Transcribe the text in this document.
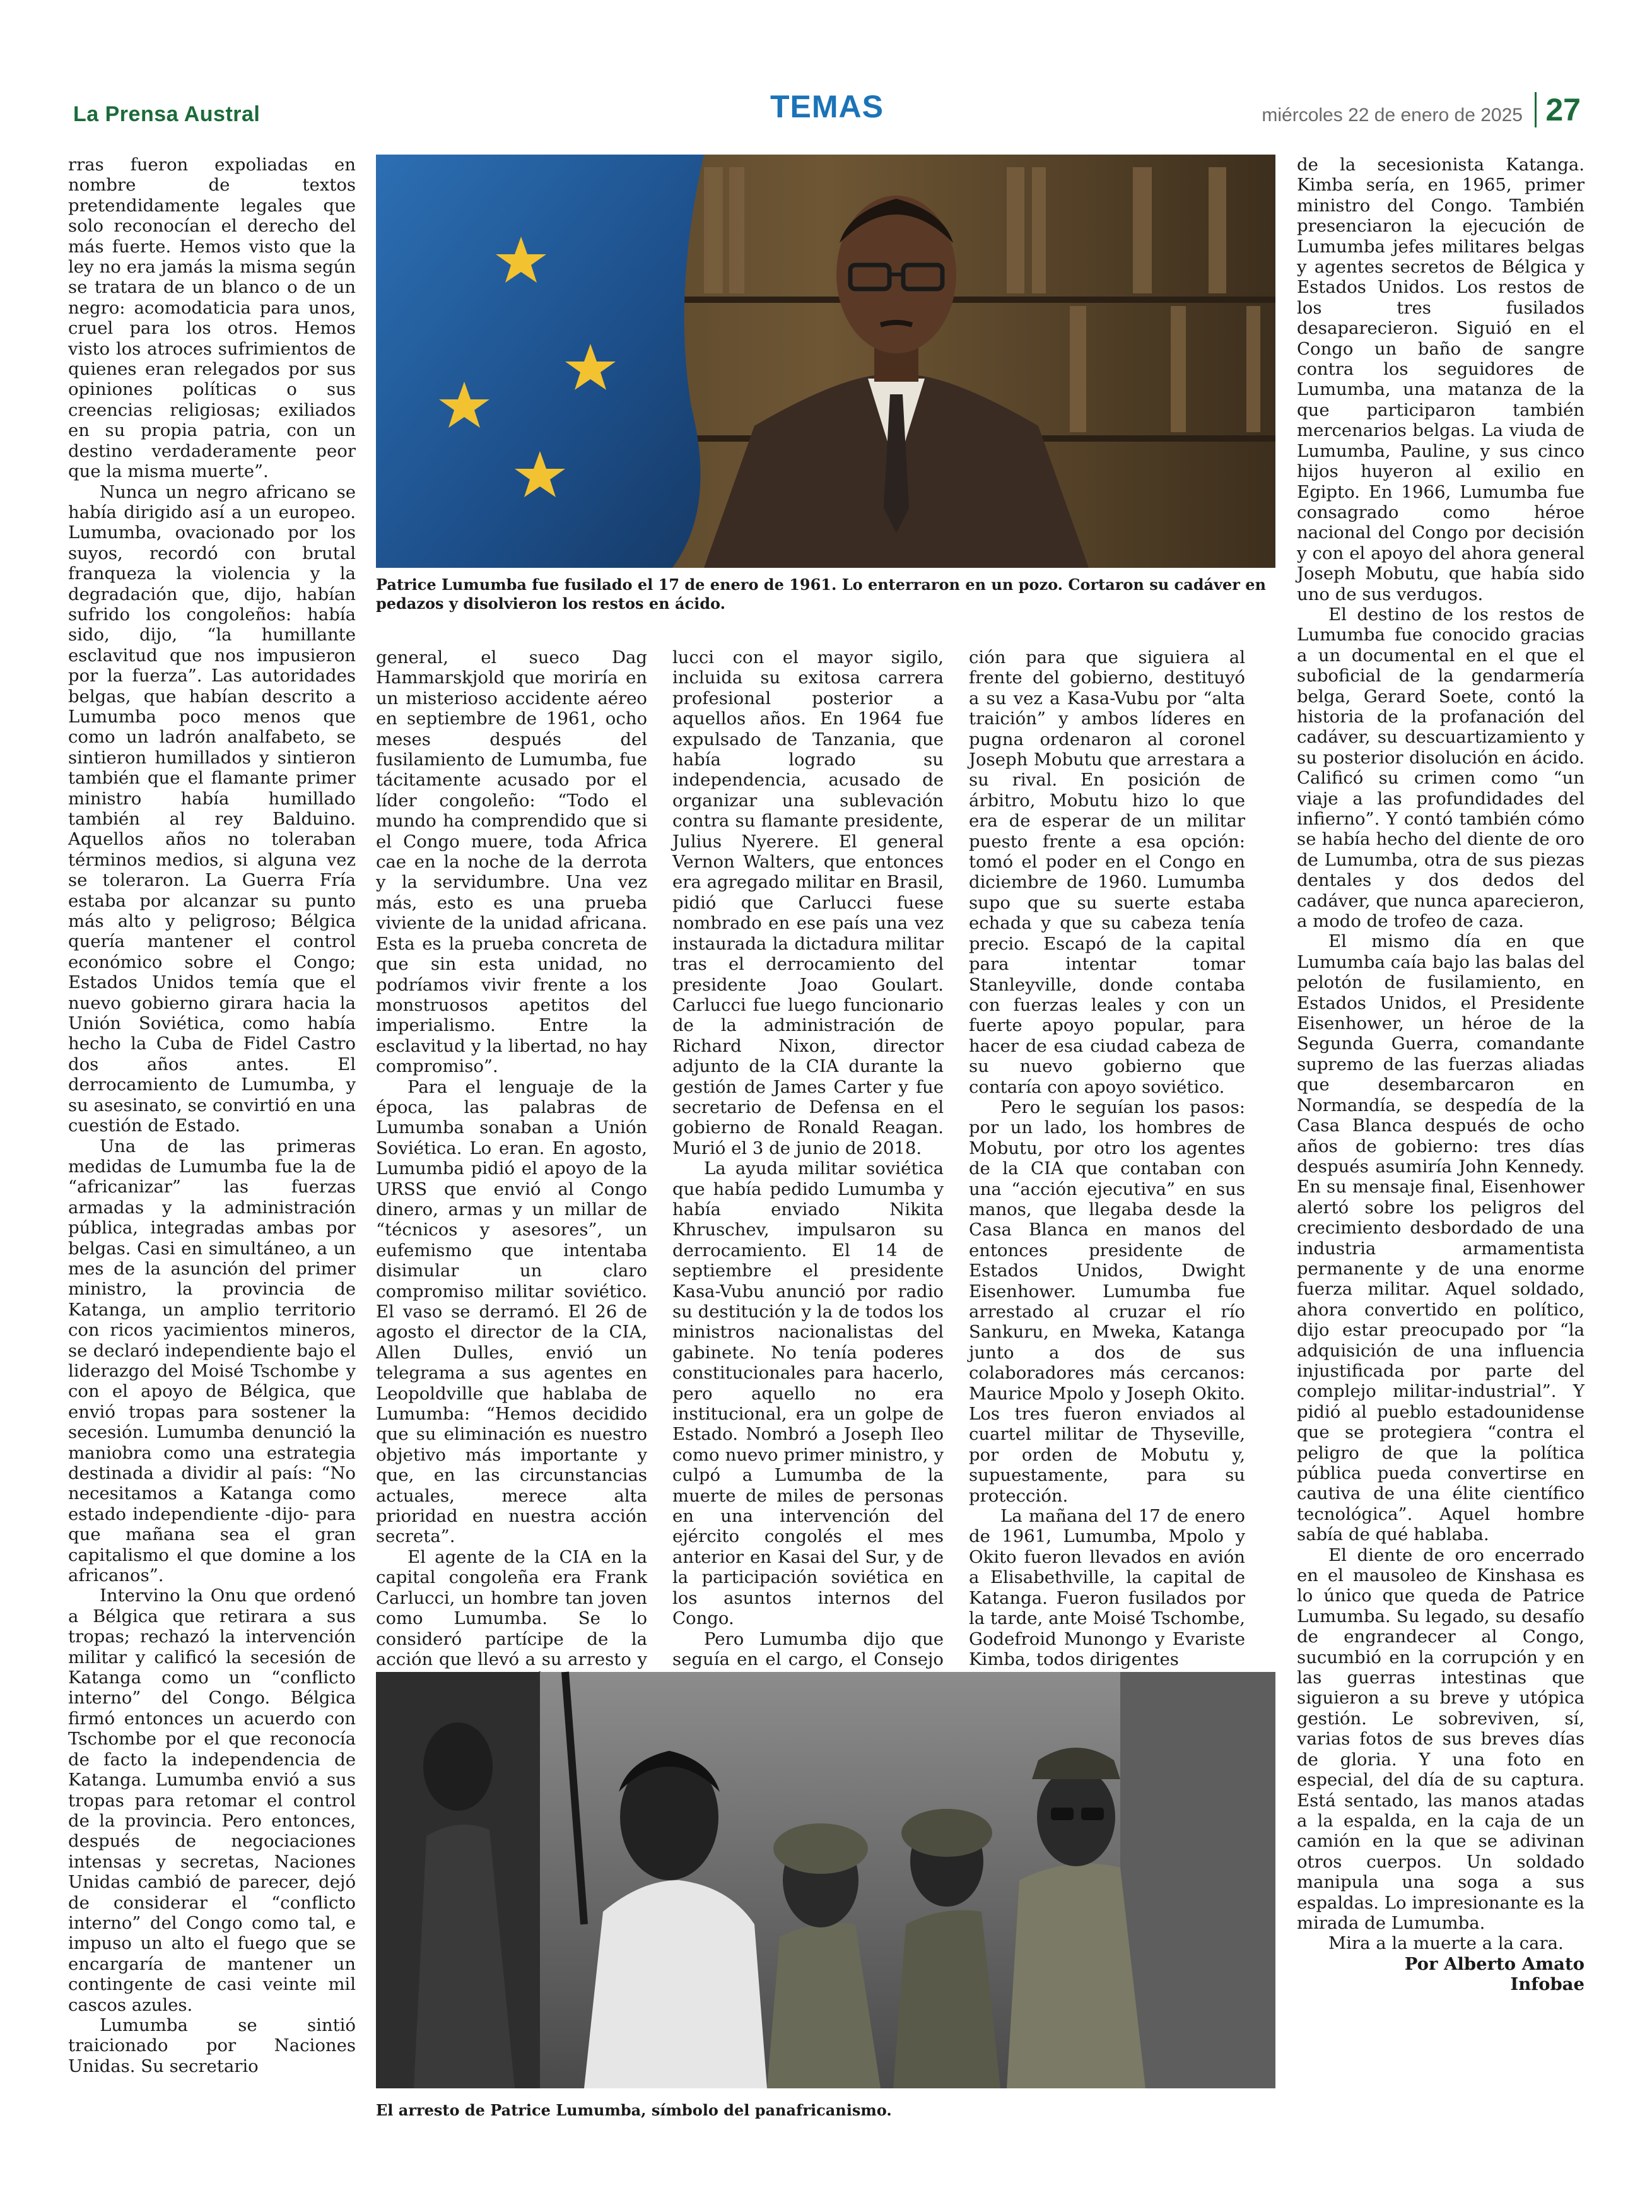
La Prensa Austral	TEMAS	miércoles 22 de enero de 2025 27

rras fueron expoliadas en nombre de textos pretendidamente legales que solo reconocían el derecho del más fuerte. Hemos visto que la ley no era jamás la misma según se tratara de un blanco o de un negro: acomodaticia para unos, cruel para los otros. Hemos visto los atroces sufrimientos de quienes eran relegados por sus opiniones políticas o sus creencias religiosas; exiliados en su propia patria, con un destino verdaderamente peor que la misma muerte”.

Nunca un negro africano se había dirigido así a un europeo. Lumumba, ovacionado por los suyos, recordó con brutal franqueza la violencia y la degradación que, dijo, habían sufrido los congoleños: había sido, dijo, “la humillante esclavitud que nos impusieron por la fuerza”. Las autoridades belgas, que habían descrito a Lumumba poco menos que como un ladrón analfabeto, se sintieron humillados y sintieron también que el flamante primer ministro había humillado también al rey Balduino. Aquellos años no toleraban términos medios, si alguna vez se toleraron. La Guerra Fría estaba por alcanzar su punto más alto y peligroso; Bélgica quería mantener el control económico sobre el Congo; Estados Unidos temía que el nuevo gobierno girara hacia la Unión Soviética, como había hecho la Cuba de Fidel Castro dos años antes. El derrocamiento de Lumumba, y su asesinato, se convirtió en una cuestión de Estado.

Una de las primeras medidas de Lumumba fue la de “africanizar” las fuerzas armadas y la administración pública, integradas ambas por belgas. Casi en simultáneo, a un mes de la asunción del primer ministro, la provincia de Katanga, un amplio territorio con ricos yacimientos mineros, se declaró independiente bajo el liderazgo del Moisé Tschombe y con el apoyo de Bélgica, que envió tropas para sostener la secesión. Lumumba denunció la maniobra como una estrategia destinada a dividir al país: “No necesitamos a Katanga como estado independiente -dijo- para que mañana sea el gran capitalismo el que domine a los africanos”.

Intervino la Onu que ordenó a Bélgica que retirara a sus tropas; rechazó la intervención militar y calificó la secesión de Katanga como un “conflicto interno” del Congo. Bélgica firmó entonces un acuerdo con Tschombe por el que reconocía de facto la independencia de Katanga. Lumumba envió a sus tropas para retomar el control de la provincia. Pero entonces, después de negociaciones intensas y secretas, Naciones Unidas cambió de parecer, dejó de considerar el “conflicto interno” del Congo como tal, e impuso un alto el fuego que se encargaría de mantener un contingente de casi veinte mil cascos azules.

Lumumba se sintió traicionado por Naciones Unidas. Su secretario

Patrice Lumumba fue fusilado el 17 de enero de 1961. Lo enterraron en un pozo. Cortaron su cadáver en pedazos y disolvieron los restos en ácido.

general, el sueco Dag Hammarskjold que moriría en un misterioso accidente aéreo en septiembre de 1961, ocho meses después del fusilamiento de Lumumba, fue tácitamente acusado por el líder congoleño: “Todo el mundo ha comprendido que si el Congo muere, toda Africa cae en la noche de la derrota y la servidumbre. Una vez más, esto es una prueba viviente de la unidad africana. Esta es la prueba concreta de que sin esta unidad, no podríamos vivir frente a los monstruosos apetitos del imperialismo. Entre la esclavitud y la libertad, no hay compromiso”.

Para el lenguaje de la época, las palabras de Lumumba sonaban a Unión Soviética. Lo eran. En agosto, Lumumba pidió el apoyo de la URSS que envió al Congo dinero, armas y un millar de “técnicos y asesores”, un eufemismo que intentaba disimular un claro compromiso militar soviético. El vaso se derramó. El 26 de agosto el director de la CIA, Allen Dulles, envió un telegrama a sus agentes en Leopoldville que hablaba de Lumumba: “Hemos decidido que su eliminación es nuestro objetivo más importante y que, en las circunstancias actuales, merece alta prioridad en nuestra acción secreta”.

El agente de la CIA en la capital congoleña era Frank Carlucci, un hombre tan joven como Lumumba. Se lo consideró partícipe de la acción que llevó a su arresto y

lucci con el mayor sigilo, incluida su exitosa carrera profesional posterior a aquellos años. En 1964 fue expulsado de Tanzania, que había logrado su independencia, acusado de organizar una sublevación contra su flamante presidente, Julius Nyerere. El general Vernon Walters, que entonces era agregado militar en Brasil, pidió que Carlucci fuese nombrado en ese país una vez instaurada la dictadura militar tras el derrocamiento del presidente Joao Goulart. Carlucci fue luego funcionario de la administración de Richard Nixon, director adjunto de la CIA durante la gestión de James Carter y fue secretario de Defensa en el gobierno de Ronald Reagan. Murió el 3 de junio de 2018.

La ayuda militar soviética que había pedido Lumumba y había enviado Nikita Khruschev, impulsaron su derrocamiento. El 14 de septiembre el presidente Kasa-Vubu anunció por radio su destitución y la de todos los ministros nacionalistas del gabinete. No tenía poderes constitucionales para hacerlo, pero aquello no era institucional, era un golpe de Estado. Nombró a Joseph Ileo como nuevo primer ministro, y culpó a Lumumba de la muerte de miles de personas en una intervención del ejército congolés el mes anterior en Kasai del Sur, y de la participación soviética en los asuntos internos del Congo.

Pero Lumumba dijo que seguía en el cargo, el Consejo

ción para que siguiera al frente del gobierno, destituyó a su vez a Kasa-Vubu por “alta traición” y ambos líderes en pugna ordenaron al coronel Joseph Mobutu que arrestara a su rival. En posición de árbitro, Mobutu hizo lo que era de esperar de un militar puesto frente a esa opción: tomó el poder en el Congo en diciembre de 1960. Lumumba supo que su suerte estaba echada y que su cabeza tenía precio. Escapó de la capital para intentar tomar Stanleyville, donde contaba con fuerzas leales y con un fuerte apoyo popular, para hacer de esa ciudad cabeza de su nuevo gobierno que contaría con apoyo soviético.

Pero le seguían los pasos: por un lado, los hombres de Mobutu, por otro los agentes de la CIA que contaban con una “acción ejecutiva” en sus manos, que llegaba desde la Casa Blanca en manos del entonces presidente de Estados Unidos, Dwight Eisenhower. Lumumba fue arrestado al cruzar el río Sankuru, en Mweka, Katanga junto a dos de sus colaboradores más cercanos: Maurice Mpolo y Joseph Okito. Los tres fueron enviados al cuartel militar de Thyseville, por orden de Mobutu y, supuestamente, para su protección.

La mañana del 17 de enero de 1961, Lumumba, Mpolo y Okito fueron llevados en avión a Elisabethville, la capital de Katanga. Fueron fusilados por la tarde, ante Moisé Tschombe, Godefroid Munongo y Evariste Kimba, todos dirigentes

El arresto de Patrice Lumumba, símbolo del panafricanismo.

de la secesionista Katanga. Kimba sería, en 1965, primer ministro del Congo. También presenciaron la ejecución de Lumumba jefes militares belgas y agentes secretos de Bélgica y Estados Unidos. Los restos de los tres fusilados desaparecieron. Siguió en el Congo un baño de sangre contra los seguidores de Lumumba, una matanza de la que participaron también mercenarios belgas. La viuda de Lumumba, Pauline, y sus cinco hijos huyeron al exilio en Egipto. En 1966, Lumumba fue consagrado como héroe nacional del Congo por decisión y con el apoyo del ahora general Joseph Mobutu, que había sido uno de sus verdugos.

El destino de los restos de Lumumba fue conocido gracias a un documental en el que el suboficial de la gendarmería belga, Gerard Soete, contó la historia de la profanación del cadáver, su descuartizamiento y su posterior disolución en ácido. Calificó su crimen como “un viaje a las profundidades del infierno”. Y contó también cómo se había hecho del diente de oro de Lumumba, otra de sus piezas dentales y dos dedos del cadáver, que nunca aparecieron, a modo de trofeo de caza.

El mismo día en que Lumumba caía bajo las balas del pelotón de fusilamiento, en Estados Unidos, el Presidente Eisenhower, un héroe de la Segunda Guerra, comandante supremo de las fuerzas aliadas que desembarcaron en Normandía, se despedía de la Casa Blanca después de ocho años de gobierno: tres días después asumiría John Kennedy. En su mensaje final, Eisenhower alertó sobre los peligros del crecimiento desbordado de una industria armamentista permanente y de una enorme fuerza militar. Aquel soldado, ahora convertido en político, dijo estar preocupado por “la adquisición de una influencia injustificada por parte del complejo militar-industrial”. Y pidió al pueblo estadounidense que se protegiera “contra el peligro de que la política pública pueda convertirse en cautiva de una élite científico tecnológica”. Aquel hombre sabía de qué hablaba.

El diente de oro encerrado en el mausoleo de Kinshasa es lo único que queda de Patrice Lumumba. Su legado, su desafío de engrandecer al Congo, sucumbió en la corrupción y en las guerras intestinas que siguieron a su breve y utópica gestión. Le sobreviven, sí, varias fotos de sus breves días de gloria. Y una foto en especial, del día de su captura. Está sentado, las manos atadas a la espalda, en la caja de un camión en la que se adivinan otros cuerpos. Un soldado manipula una soga a sus espaldas. Lo impresionante es la mirada de Lumumba.

Mira a la muerte a la cara.

Por Alberto Amato
Infobae
